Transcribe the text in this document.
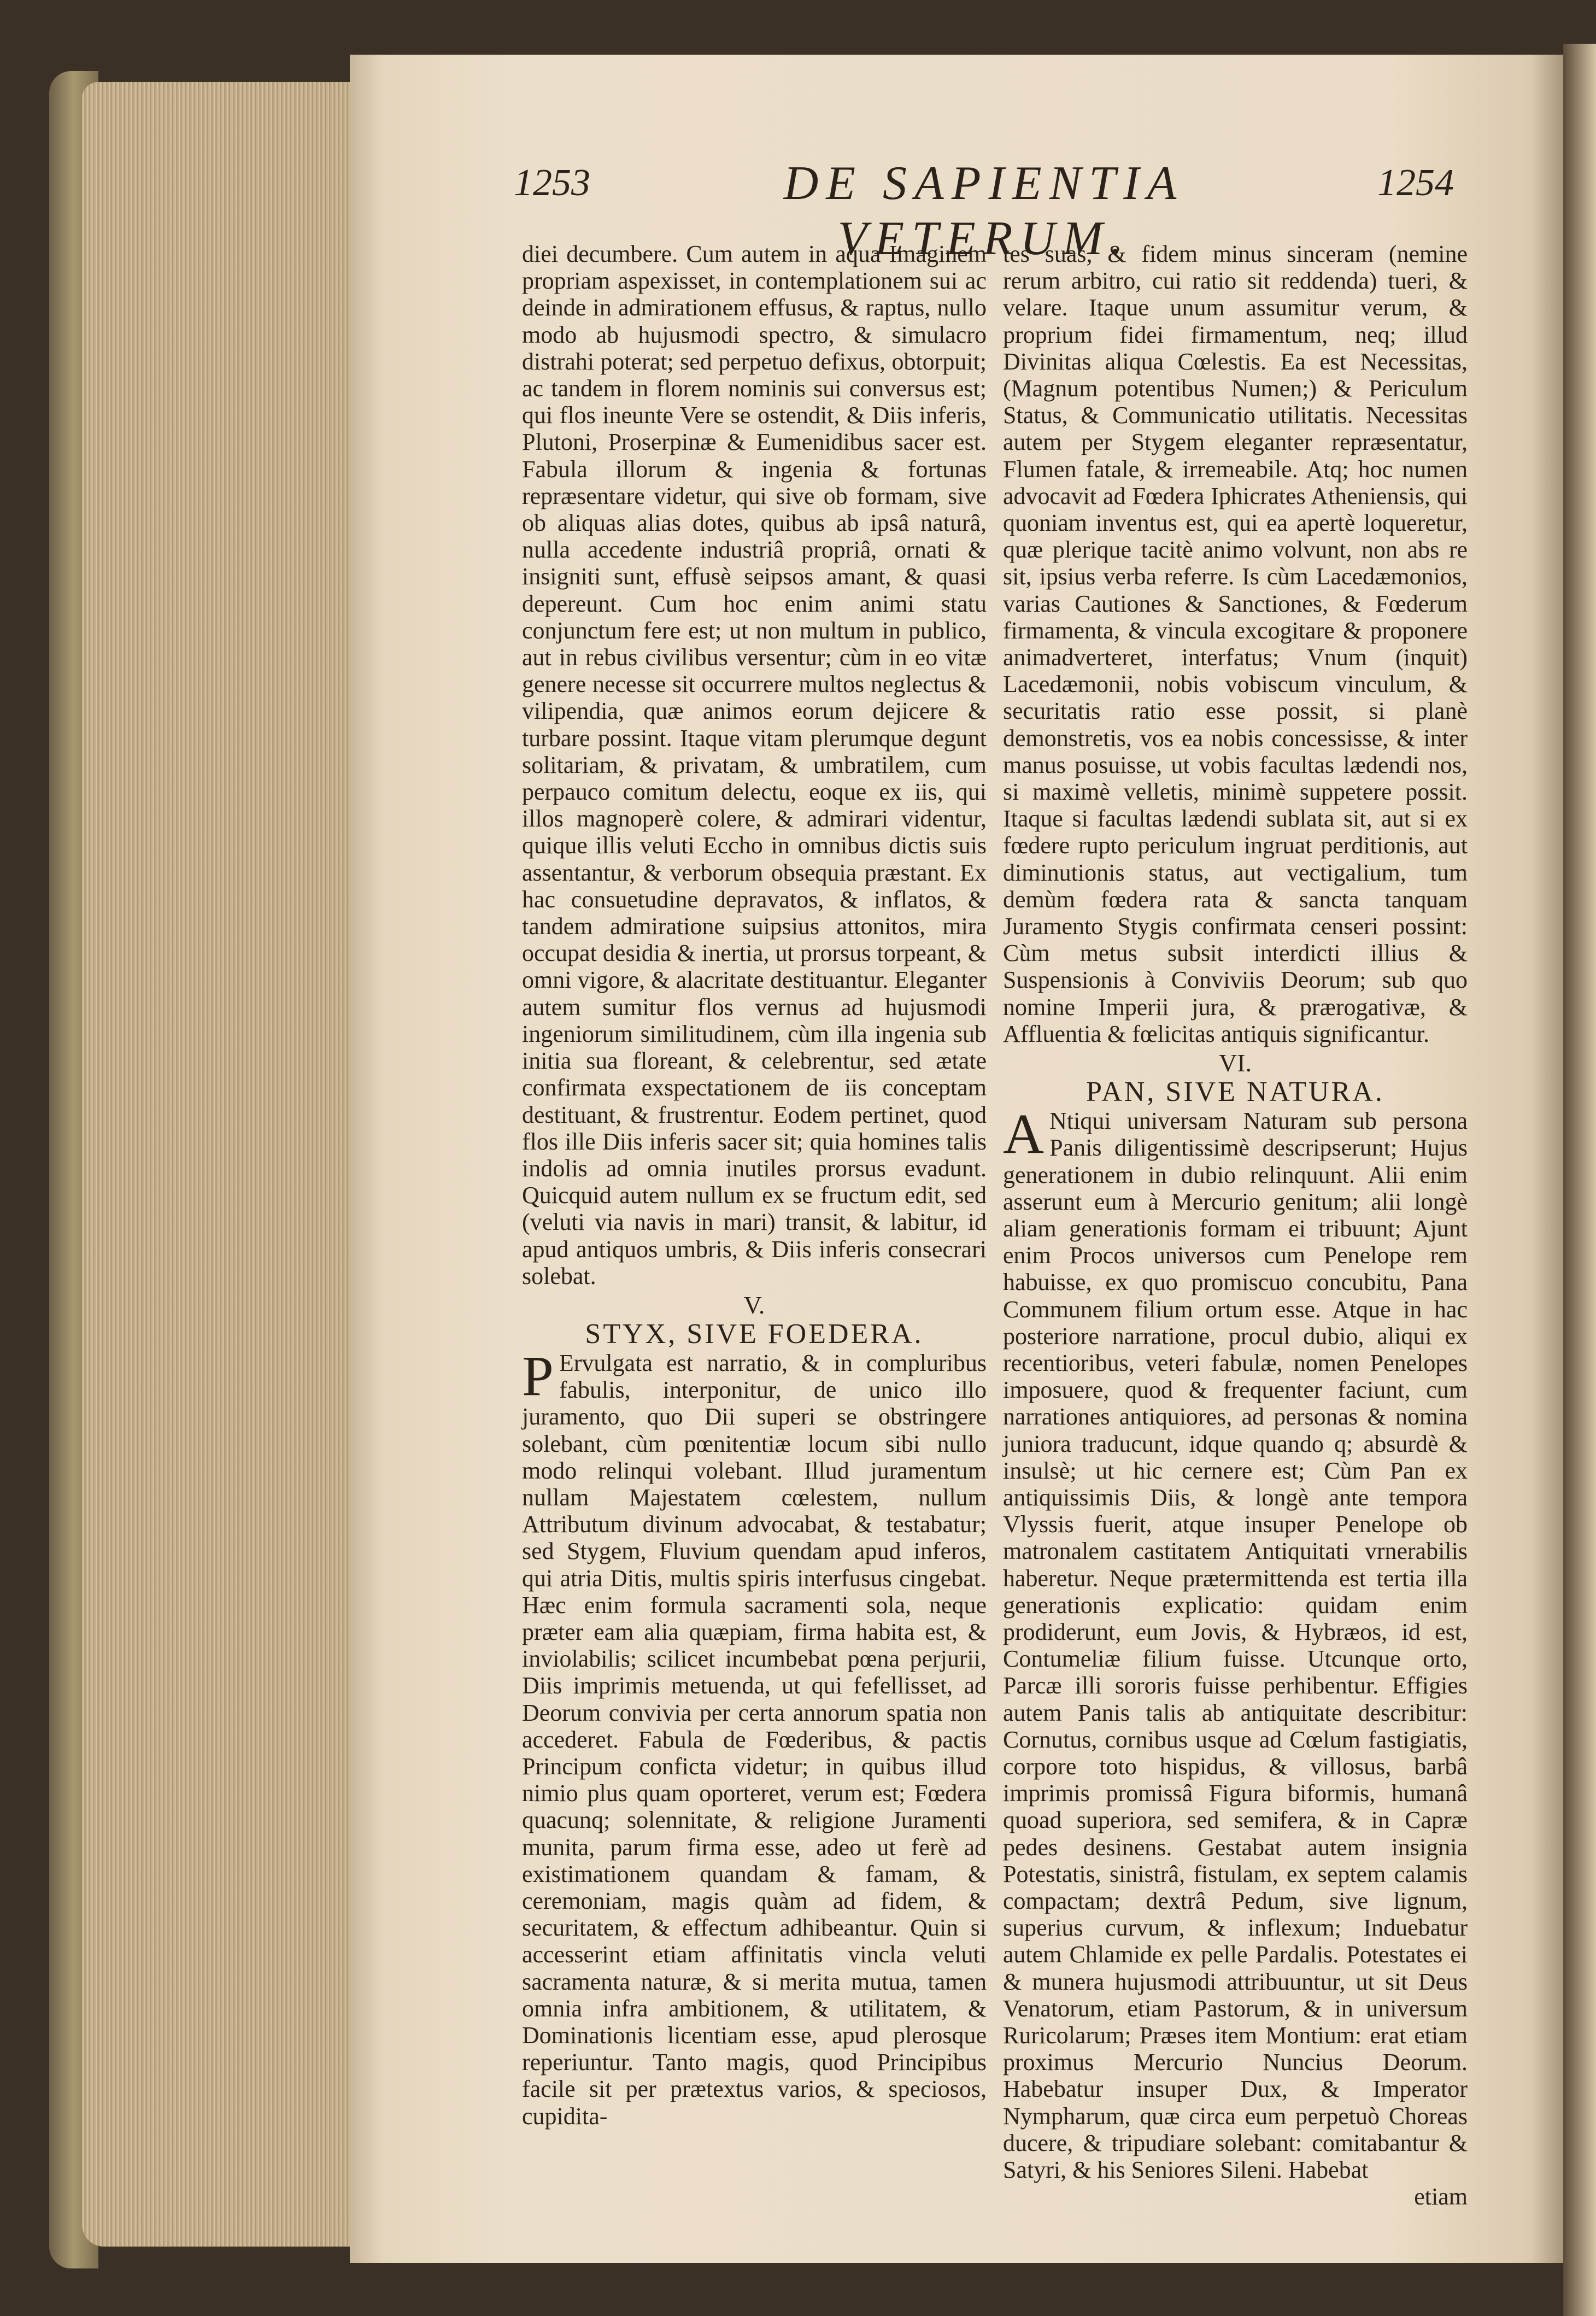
1253	DE SAPIENTIA VETERUM.
1254

diei decumbere. Cum autem in aqua Imaginem propriam aspexisset, in contemplationem sui ac deinde in admirationem effusus, & raptus, nullo modo ab hujusmodi spectro, & simulacro distrahi poterat; sed perpetuo defixus, obtorpuit; ac tandem in florem nominis sui conversus est; qui flos ineunte Vere se ostendit, & Diis inferis, Plutoni, Proserpinæ & Eumenidibus sacer est. Fabula illorum & ingenia & fortunas repræsentare videtur, qui sive ob formam, sive ob aliquas alias dotes, quibus ab ipsâ naturâ, nulla accedente industriâ propriâ, ornati & insigniti sunt, effusè seipsos amant, & quasi depereunt. Cum hoc enim animi statu conjunctum fere est; ut non multum in publico, aut in rebus civilibus versentur; cùm in eo vitæ genere necesse sit occurrere multos neglectus & vilipendia, quæ animos eorum dejicere & turbare possint. Itaque vitam plerumque degunt solitariam, & privatam, & umbratilem, cum perpauco comitum delectu, eoque ex iis, qui illos magnoperè colere, & admirari videntur, quique illis veluti Eccho in omnibus dictis suis assentantur, & verborum obsequia præstant. Ex hac consuetudine depravatos, & inflatos, & tandem admiratione suipsius attonitos, mira occupat desidia & inertia, ut prorsus torpeant, & omni vigore, & alacritate destituantur. Eleganter autem sumitur flos vernus ad hujusmodi ingeniorum similitudinem, cùm illa ingenia sub initia sua floreant, & celebrentur, sed ætate confirmata exspectationem de iis conceptam destituant, & frustrentur. Eodem pertinet, quod flos ille Diis inferis sacer sit; quia homines talis indolis ad omnia inutiles prorsus evadunt. Quicquid autem nullum ex se fructum edit, sed (veluti via navis in mari) transit, & labitur, id apud antiquos umbris, & Diis inferis consecrari solebat.

V.
STYX, SIVE FOEDERA.

P Ervulgata est narratio, & in compluribus fabulis, interponitur, de unico illo juramento, quo Dii superi se obstringere solebant, cùm pœnitentiæ locum sibi nullo modo relinqui volebant. Illud juramentum nullam Majestatem cœlestem, nullum Attributum divinum advocabat, & testabatur; sed Stygem, Fluvium quendam apud inferos, qui atria Ditis, multis spiris interfusus cingebat. Hæc enim formula sacramenti sola, neque præter eam alia quæpiam, firma habita est, & inviolabilis; scilicet incumbebat pœna perjurii, Diis imprimis metuenda, ut qui fefellisset, ad Deorum convivia per certa annorum spatia non accederet. Fabula de Fœderibus, & pactis Principum conficta videtur; in quibus illud nimio plus quam oporteret, verum est; Fœdera quacunq; solennitate, & religione Juramenti munita, parum firma esse, adeo ut ferè ad existimationem quandam & famam, & ceremoniam, magis quàm ad fidem, & securitatem, & effectum adhibeantur. Quin si accesserint etiam affinitatis vincla veluti sacramenta naturæ, & si merita mutua, tamen omnia infra ambitionem, & utilitatem, & Dominationis licentiam esse, apud plerosque reperiuntur. Tanto magis, quod Principibus facile sit per prætextus varios, & speciosos, cupidita-

tes suas, & fidem minus sinceram (nemine rerum arbitro, cui ratio sit reddenda) tueri, & velare. Itaque unum assumitur verum, & proprium fidei firmamentum, neq; illud Divinitas aliqua Cœlestis. Ea est Necessitas, (Magnum potentibus Numen;) & Periculum Status, & Communicatio utilitatis. Necessitas autem per Stygem eleganter repræsentatur, Flumen fatale, & irremeabile. Atq; hoc numen advocavit ad Fœdera Iphicrates Atheniensis, qui quoniam inventus est, qui ea apertè loqueretur, quæ plerique tacitè animo volvunt, non abs re sit, ipsius verba referre. Is cùm Lacedæmonios, varias Cautiones & Sanctiones, & Fœderum firmamenta, & vincula excogitare & proponere animadverteret, interfatus; Vnum (inquit) Lacedæmonii, nobis vobiscum vinculum, & securitatis ratio esse possit, si planè demonstretis, vos ea nobis concessisse, & inter manus posuisse, ut vobis facultas lædendi nos, si maximè velletis, minimè suppetere possit. Itaque si facultas lædendi sublata sit, aut si ex fœdere rupto periculum ingruat perditionis, aut diminutionis status, aut vectigalium, tum demùm fœdera rata & sancta tanquam Juramento Stygis confirmata censeri possint: Cùm metus subsit interdicti illius & Suspensionis à Conviviis Deorum; sub quo nomine Imperii jura, & prærogativæ, & Affluentia & fœlicitas antiquis significantur.

VI.
PAN, SIVE NATURA.

A Ntiqui universam Naturam sub persona Panis diligentissimè descripserunt; Hujus generationem in dubio relinquunt. Alii enim asserunt eum à Mercurio genitum; alii longè aliam generationis formam ei tribuunt; Ajunt enim Procos universos cum Penelope rem habuisse, ex quo promiscuo concubitu, Pana Communem filium ortum esse. Atque in hac posteriore narratione, procul dubio, aliqui ex recentioribus, veteri fabulæ, nomen Penelopes imposuere, quod & frequenter faciunt, cum narrationes antiquiores, ad personas & nomina juniora traducunt, idque quando q; absurdè & insulsè; ut hic cernere est; Cùm Pan ex antiquissimis Diis, & longè ante tempora Vlyssis fuerit, atque insuper Penelope ob matronalem castitatem Antiquitati vrnerabilis haberetur. Neque prætermittenda est tertia illa generationis explicatio: quidam enim prodiderunt, eum Jovis, & Hybræos, id est, Contumeliæ filium fuisse. Utcunque orto, Parcæ illi sororis fuisse perhibentur. Effigies autem Panis talis ab antiquitate describitur: Cornutus, cornibus usque ad Cœlum fastigiatis, corpore toto hispidus, & villosus, barbâ imprimis promissâ Figura biformis, humanâ quoad superiora, sed semifera, & in Capræ pedes desinens. Gestabat autem insignia Potestatis, sinistrâ, fistulam, ex septem calamis compactam; dextrâ Pedum, sive lignum, superius curvum, & inflexum; Induebatur autem Chlamide ex pelle Pardalis. Potestates ei & munera hujusmodi attribuuntur, ut sit Deus Venatorum, etiam Pastorum, & in universum Ruricolarum; Præses item Montium: erat etiam proximus Mercurio Nuncius Deorum. Habebatur insuper Dux, & Imperator Nympharum, quæ circa eum perpetuò Choreas ducere, & tripudiare solebant: comitabantur & Satyri, & his Seniores Sileni. Habebat

etiam
